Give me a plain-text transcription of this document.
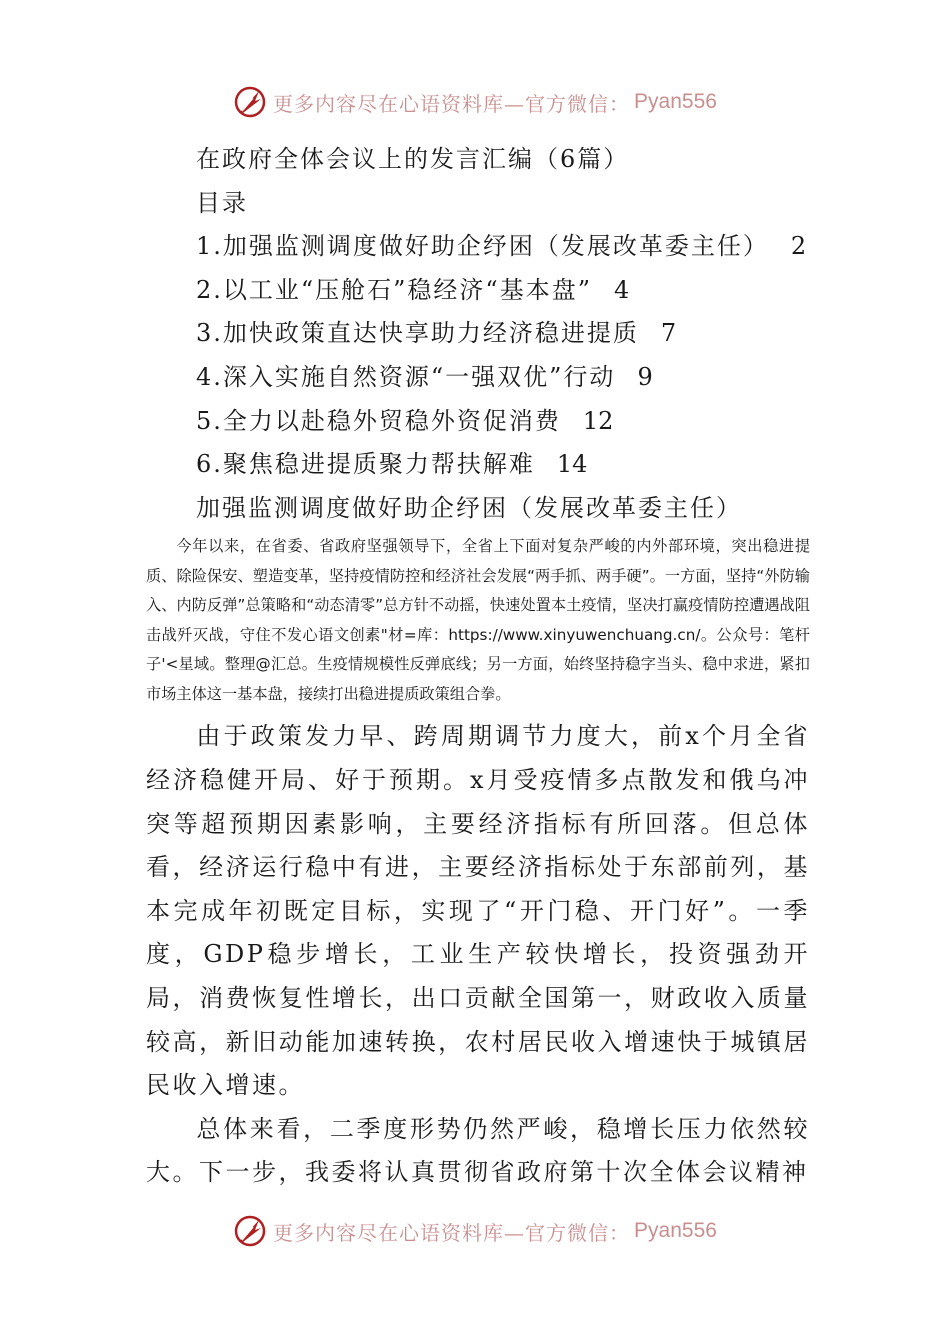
更多内容尽在心语资料库—官方微信： Pyan556
在政府全体会议上的发言汇编（6篇）
目录
1.加强监测调度做好助企纾困（发展改革委主任） 2
2.以工业“压舱石”稳经济“基本盘” 4
3.加快政策直达快享助力经济稳进提质 7
4.深入实施自然资源“一强双优”行动 9
5.全力以赴稳外贸稳外资促消费 12
6.聚焦稳进提质聚力帮扶解难 14
加强监测调度做好助企纾困（发展改革委主任）

今年以来，在省委、省政府坚强领导下，全省上下面对复杂严峻的内外部环境，突出稳进提质、除险保安、塑造变革，坚持疫情防控和经济社会发展“两手抓、两手硬”。一方面，坚持“外防输入、内防反弹”总策略和“动态清零”总方针不动摇，快速处置本土疫情，坚决打赢疫情防控遭遇战阻击战歼灭战，守住不发心语文创素"材=库：https://www.xinyuwenchuang.cn/。公众号：笔杆子'<星域。整理@汇总。生疫情规模性反弹底线；另一方面，始终坚持稳字当头、稳中求进，紧扣市场主体这一基本盘，接续打出稳进提质政策组合拳。

由于政策发力早、跨周期调节力度大，前x个月全省经济稳健开局、好于预期。x月受疫情多点散发和俄乌冲突等超预期因素影响，主要经济指标有所回落。但总体看，经济运行稳中有进，主要经济指标处于东部前列，基本完成年初既定目标，实现了“开门稳、开门好”。一季度，GDP稳步增长，工业生产较快增长，投资强劲开局，消费恢复性增长，出口贡献全国第一，财政收入质量较高，新旧动能加速转换，农村居民收入增速快于城镇居民收入增速。

总体来看，二季度形势仍然严峻，稳增长压力依然较大。下一步，我委将认真贯彻省政府第十次全体会议精神

更多内容尽在心语资料库—官方微信： Pyan556
